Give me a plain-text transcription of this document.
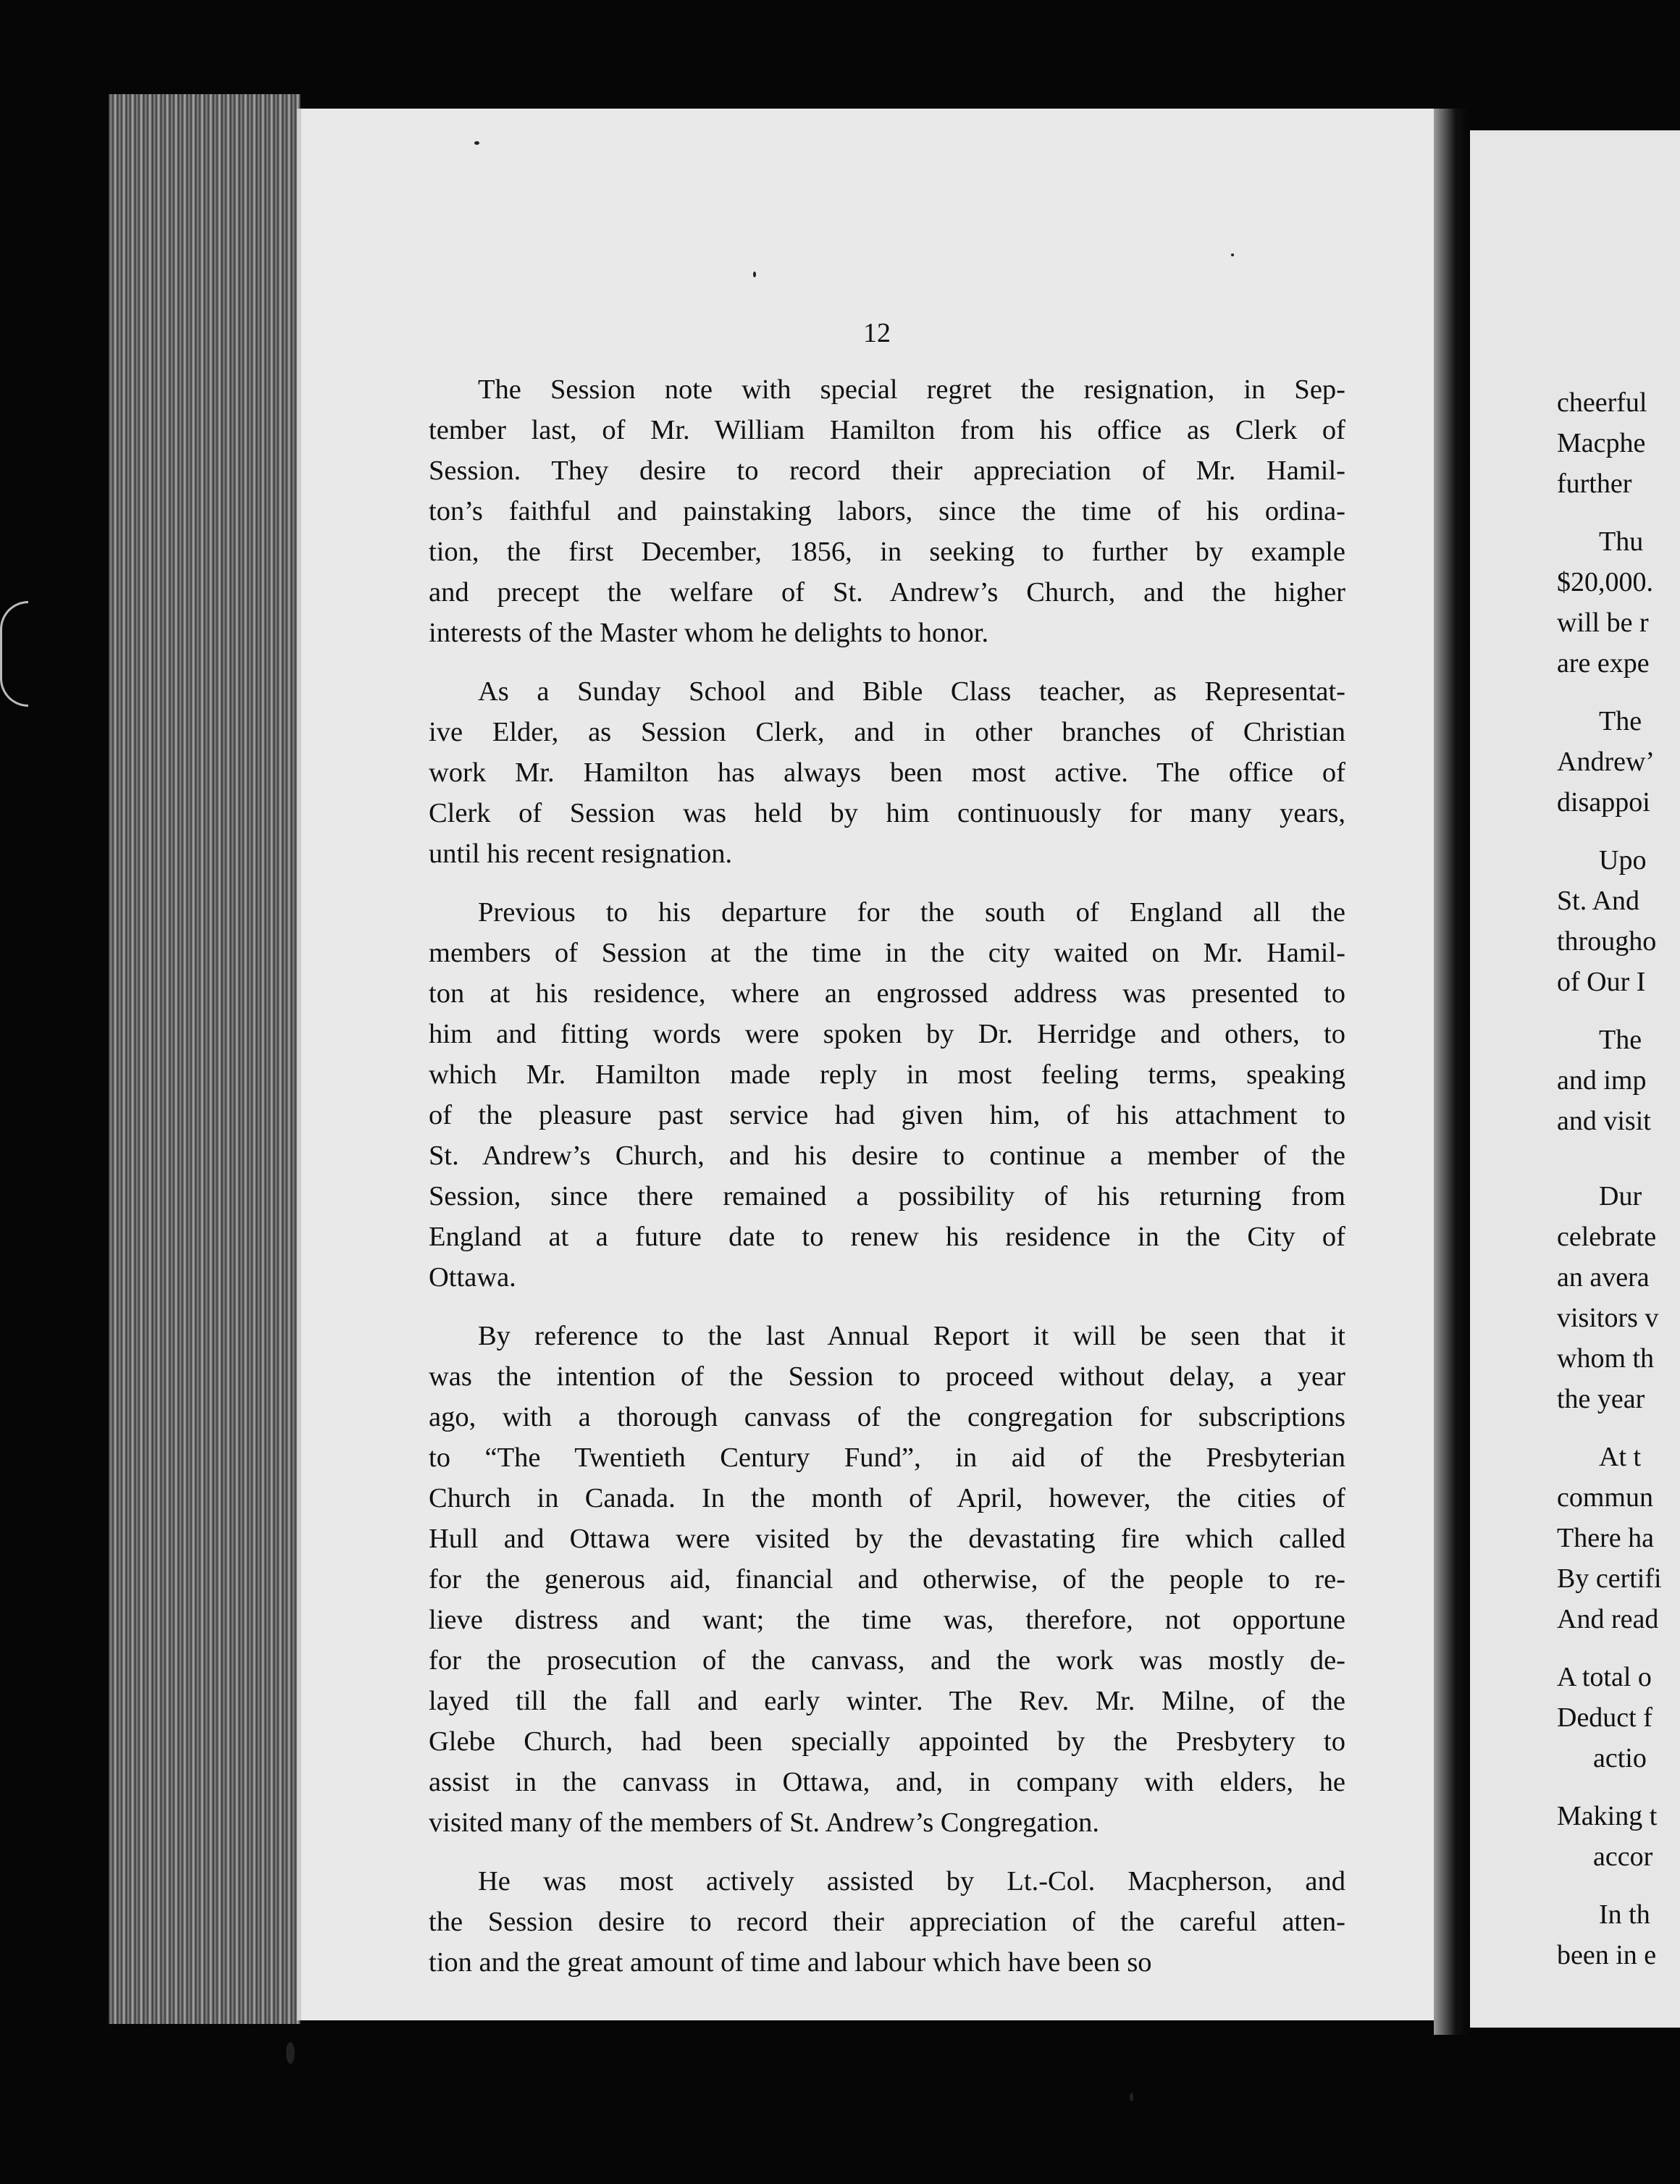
cheerful
Macphe
further
Thu
$20,000.
will be r
are expe
The
Andrew’
disappoi
Upo
St. And
througho
of Our I
The
and imp
and visit
Dur
celebrate
an avera
visitors v
whom th
the year
At t
commun
There ha
By certifi
And read
A total o
Deduct f
actio
Making t
accor
In th
been in e
12
The Session note with special regret the resignation, in Sep-
tember last, of Mr. William Hamilton from his office as Clerk of
Session. They desire to record their appreciation of Mr. Hamil-
ton’s faithful and painstaking labors, since the time of his ordina-
tion, the first December, 1856, in seeking to further by example
and precept the welfare of St. Andrew’s Church, and the higher
interests of the Master whom he delights to honor.
As a Sunday School and Bible Class teacher, as Representat-
ive Elder, as Session Clerk, and in other branches of Christian
work Mr. Hamilton has always been most active. The office of
Clerk of Session was held by him continuously for many years,
until his recent resignation.
Previous to his departure for the south of England all the
members of Session at the time in the city waited on Mr. Hamil-
ton at his residence, where an engrossed address was presented to
him and fitting words were spoken by Dr. Herridge and others, to
which Mr. Hamilton made reply in most feeling terms, speaking
of the pleasure past service had given him, of his attachment to
St. Andrew’s Church, and his desire to continue a member of the
Session, since there remained a possibility of his returning from
England at a future date to renew his residence in the City of
Ottawa.
By reference to the last Annual Report it will be seen that it
was the intention of the Session to proceed without delay, a year
ago, with a thorough canvass of the congregation for subscriptions
to “The Twentieth Century Fund”, in aid of the Presbyterian
Church in Canada. In the month of April, however, the cities of
Hull and Ottawa were visited by the devastating fire which called
for the generous aid, financial and otherwise, of the people to re-
lieve distress and want; the time was, therefore, not opportune
for the prosecution of the canvass, and the work was mostly de-
layed till the fall and early winter. The Rev. Mr. Milne, of the
Glebe Church, had been specially appointed by the Presbytery to
assist in the canvass in Ottawa, and, in company with elders, he
visited many of the members of St. Andrew’s Congregation.
He was most actively assisted by Lt.-Col. Macpherson, and
the Session desire to record their appreciation of the careful atten-
tion and the great amount of time and labour which have been so
